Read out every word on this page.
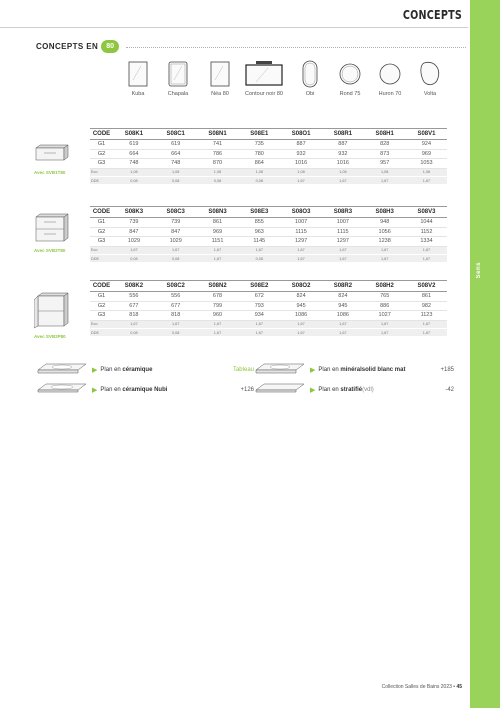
Sens
CONCEPTS
CONCEPTS EN	80
Kuba	Chapala	Néa 80	Contour noir 80	Obi	Rond 75	Huron 70	Volta
Avec SVB1T80
CODE	S08K1	S08C1	S08N1	S08E1	S08O1	S08R1	S08H1	S08V1
G1	619	619	741	735	887	887	828	924
G2	664	664	786	780	932	932	873	969
G3	748	748	870	864	1016	1016	957	1053
Eco	1,08	1,08	1,08	1,08	1,08	1,08	1,08	1,08
DDE	0,08	0,08	0,08	0,08	1,67	1,67	1,67	1,67
Avec SVB2T80
CODE	S08K3	S08C3	S08N3	S08E3	S08O3	S08R3	S08H3	S08V3
G1	739	739	861	855	1007	1007	948	1044
G2	847	847	969	963	1115	1115	1056	1152
G3	1029	1029	1151	1145	1297	1297	1238	1334
Eco	1,67	1,67	1,67	1,67	1,67	1,67	1,67	1,67
DDE	0,08	0,08	1,67	0,08	1,67	1,67	1,67	1,67
Avec SVB2P80
CODE	S08K2	S08C2	S08N2	S08E2	S08O2	S08R2	S08H2	S08V2
G1	556	556	678	672	824	824	765	861
G2	677	677	799	793	945	945	886	982
G3	818	818	960	934	1086	1086	1027	1123
Eco	1,67	1,67	1,67	1,67	1,67	1,67	1,67	1,67
DDE	0,08	0,08	1,67	1,67	1,67	1,67	1,67	1,67
▶ Plan en
céramique	Tableau	▶ Plan en
minéralsolid blanc mat	+185
▶ Plan en
céramique Nubi	+126	▶ Plan en
stratifié (vdl)	-42
Collection Salles de Bains 2023 • 45
